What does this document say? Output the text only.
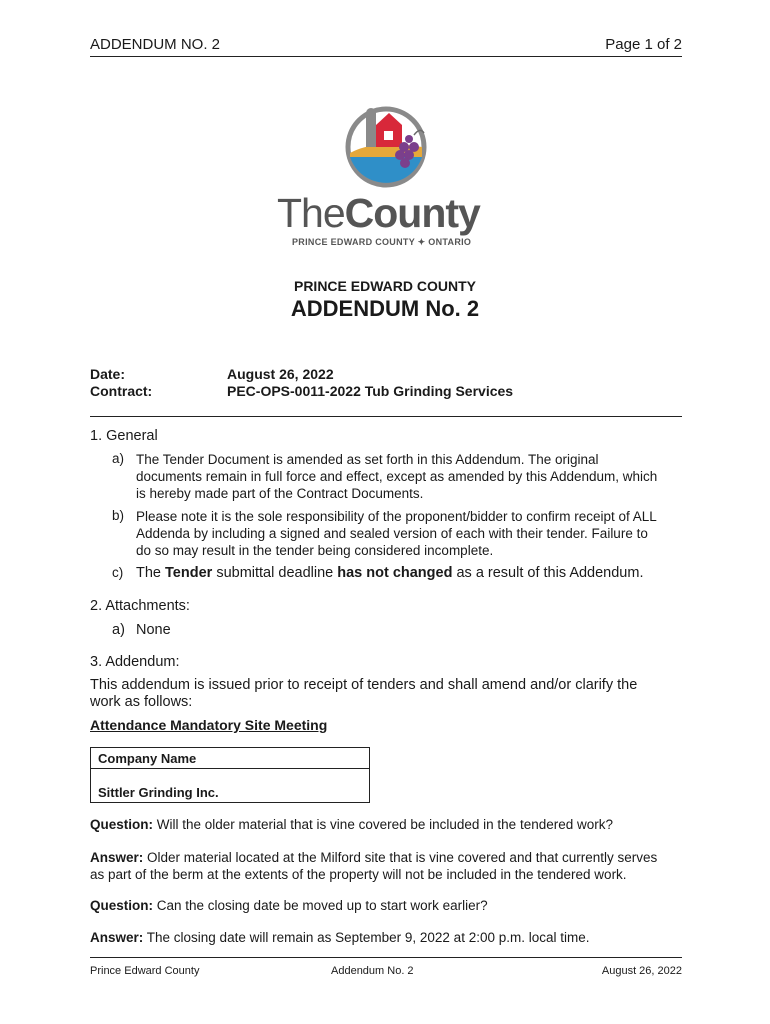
ADDENDUM NO. 2	Page 1 of 2
TheCounty
PRINCE EDWARD COUNTY ✦ ONTARIO
PRINCE EDWARD COUNTY
ADDENDUM No. 2
Date:	August 26, 2022
Contract:	PEC-OPS-0011-2022 Tub Grinding Services
1. General
a) The Tender Document is amended as set forth in this Addendum. The original
documents remain in full force and effect, except as amended by this Addendum, which
is hereby made part of the Contract Documents.
b) Please note it is the sole responsibility of the proponent/bidder to confirm receipt of ALL
Addenda by including a signed and sealed version of each with their tender. Failure to
do so may result in the tender being considered incomplete.
c) The Tender submittal deadline has not changed as a result of this Addendum.
2. Attachments:
a) None
3. Addendum:
This addendum is issued prior to receipt of tenders and shall amend and/or clarify the
work as follows:
Attendance Mandatory Site Meeting
Company Name
Sittler Grinding Inc.
Question: Will the older material that is vine covered be included in the tendered work?
Answer: Older material located at the Milford site that is vine covered and that currently serves
as part of the berm at the extents of the property will not be included in the tendered work.
Question: Can the closing date be moved up to start work earlier?
Answer: The closing date will remain as September 9, 2022 at 2:00 p.m. local time.
Prince Edward County	Addendum No. 2	August 26, 2022
